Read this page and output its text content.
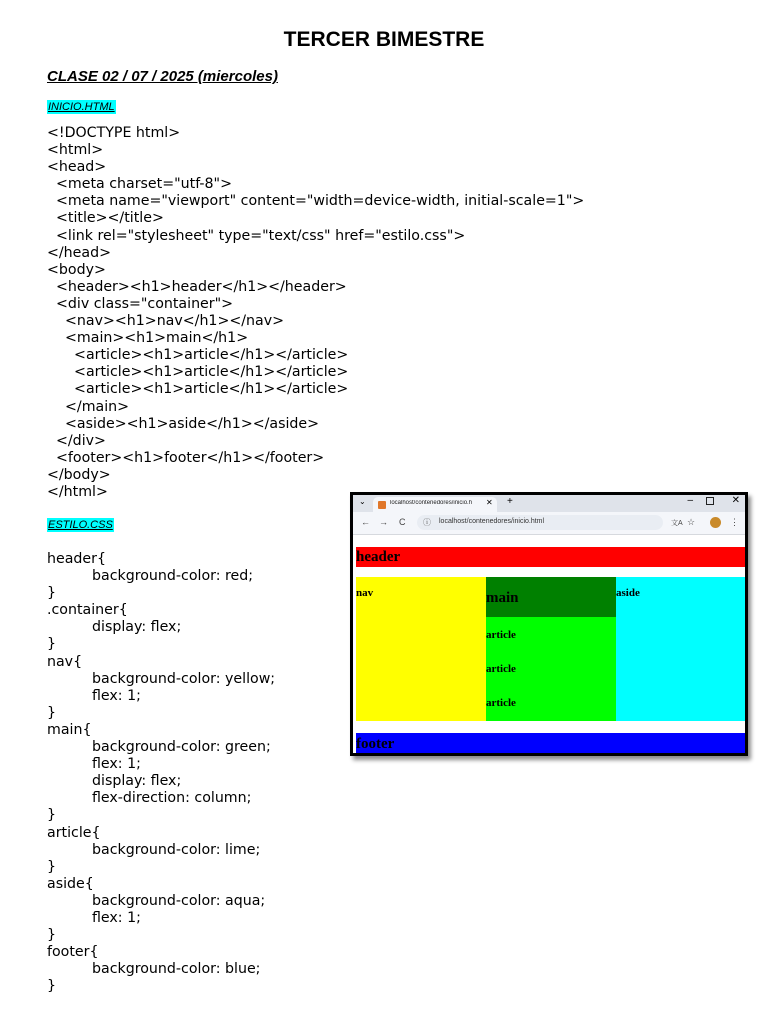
TERCER BIMESTRE
CLASE 02 / 07 / 2025 (miercoles)
INICIO.HTML
<!DOCTYPE html>
<html>
<head>
<meta charset="utf-8">
<meta name="viewport" content="width=device-width, initial-scale=1">
<title></title>
<link rel="stylesheet" type="text/css" href="estilo.css">
</head>
<body>
<header><h1>header</h1></header>
<div class="container">
<nav><h1>nav</h1></nav>
<main><h1>main</h1>
<article><h1>article</h1></article>
<article><h1>article</h1></article>
<article><h1>article</h1></article>
</main>
<aside><h1>aside</h1></aside>
</div>
<footer><h1>footer</h1></footer>
</body>
</html>
ESTILO.CSS
header{
background-color: red;
}
.container{
display: flex;
}
nav{
background-color: yellow;
flex: 1;
}
main{
background-color: green;
flex: 1;
display: flex;
flex-direction: column;
}
article{
background-color: lime;
}
aside{
background-color: aqua;
flex: 1;
}
footer{
background-color: blue;
}
⌄	localhost/contenedores/inicio.h	✕ +	–	✕
← → C ⓘ localhost/contenedores/inicio.html	文A ☆	⋮
header
nav	main
article
article
article
aside
footer
